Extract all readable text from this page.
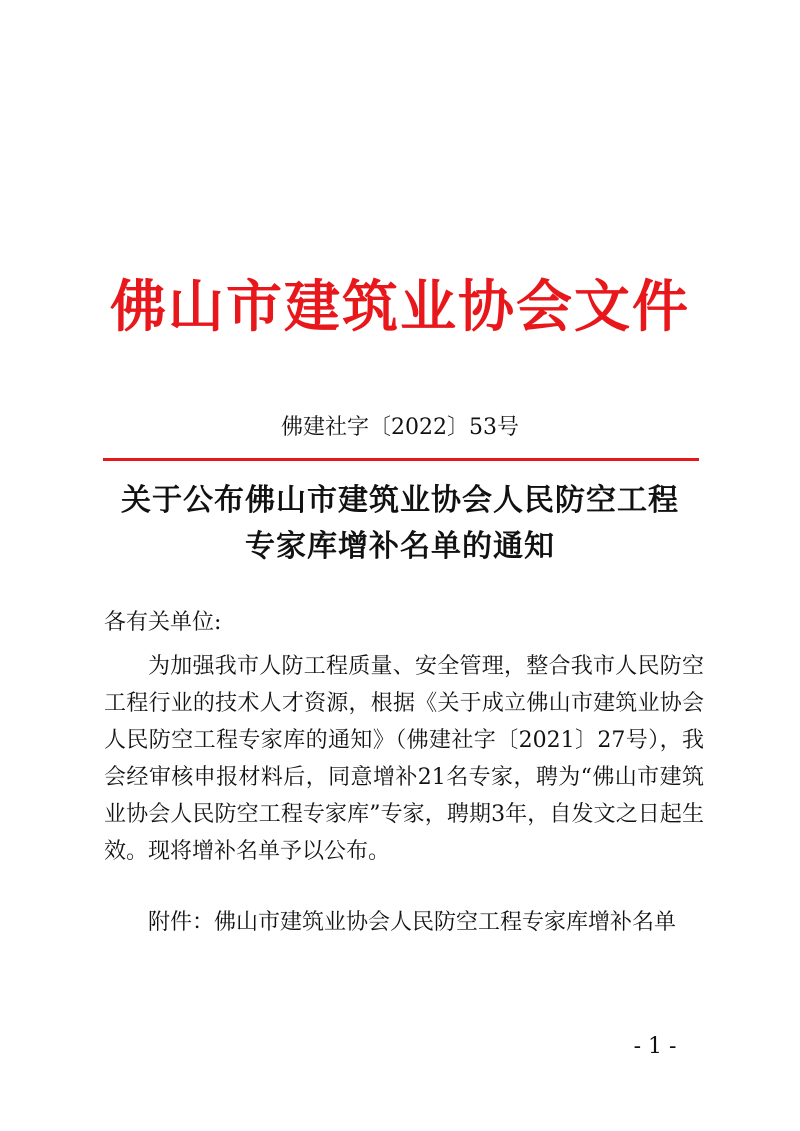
佛山市建筑业协会文件
佛建社字〔2022〕53号
关于公布佛山市建筑业协会人民防空工程
专家库增补名单的通知
各有关单位:

为加强我市人防工程质量、安全管理，整合我市人民防空工程行业的技术人才资源，根据《关于成立佛山市建筑业协会人民防空工程专家库的通知》（佛建社字〔2021〕27号），我会经审核申报材料后，同意增补21名专家，聘为“佛山市建筑业协会人民防空工程专家库”专家，聘期3年，自发文之日起生效。现将增补名单予以公布。

附件：佛山市建筑业协会人民防空工程专家库增补名单
- 1 -
